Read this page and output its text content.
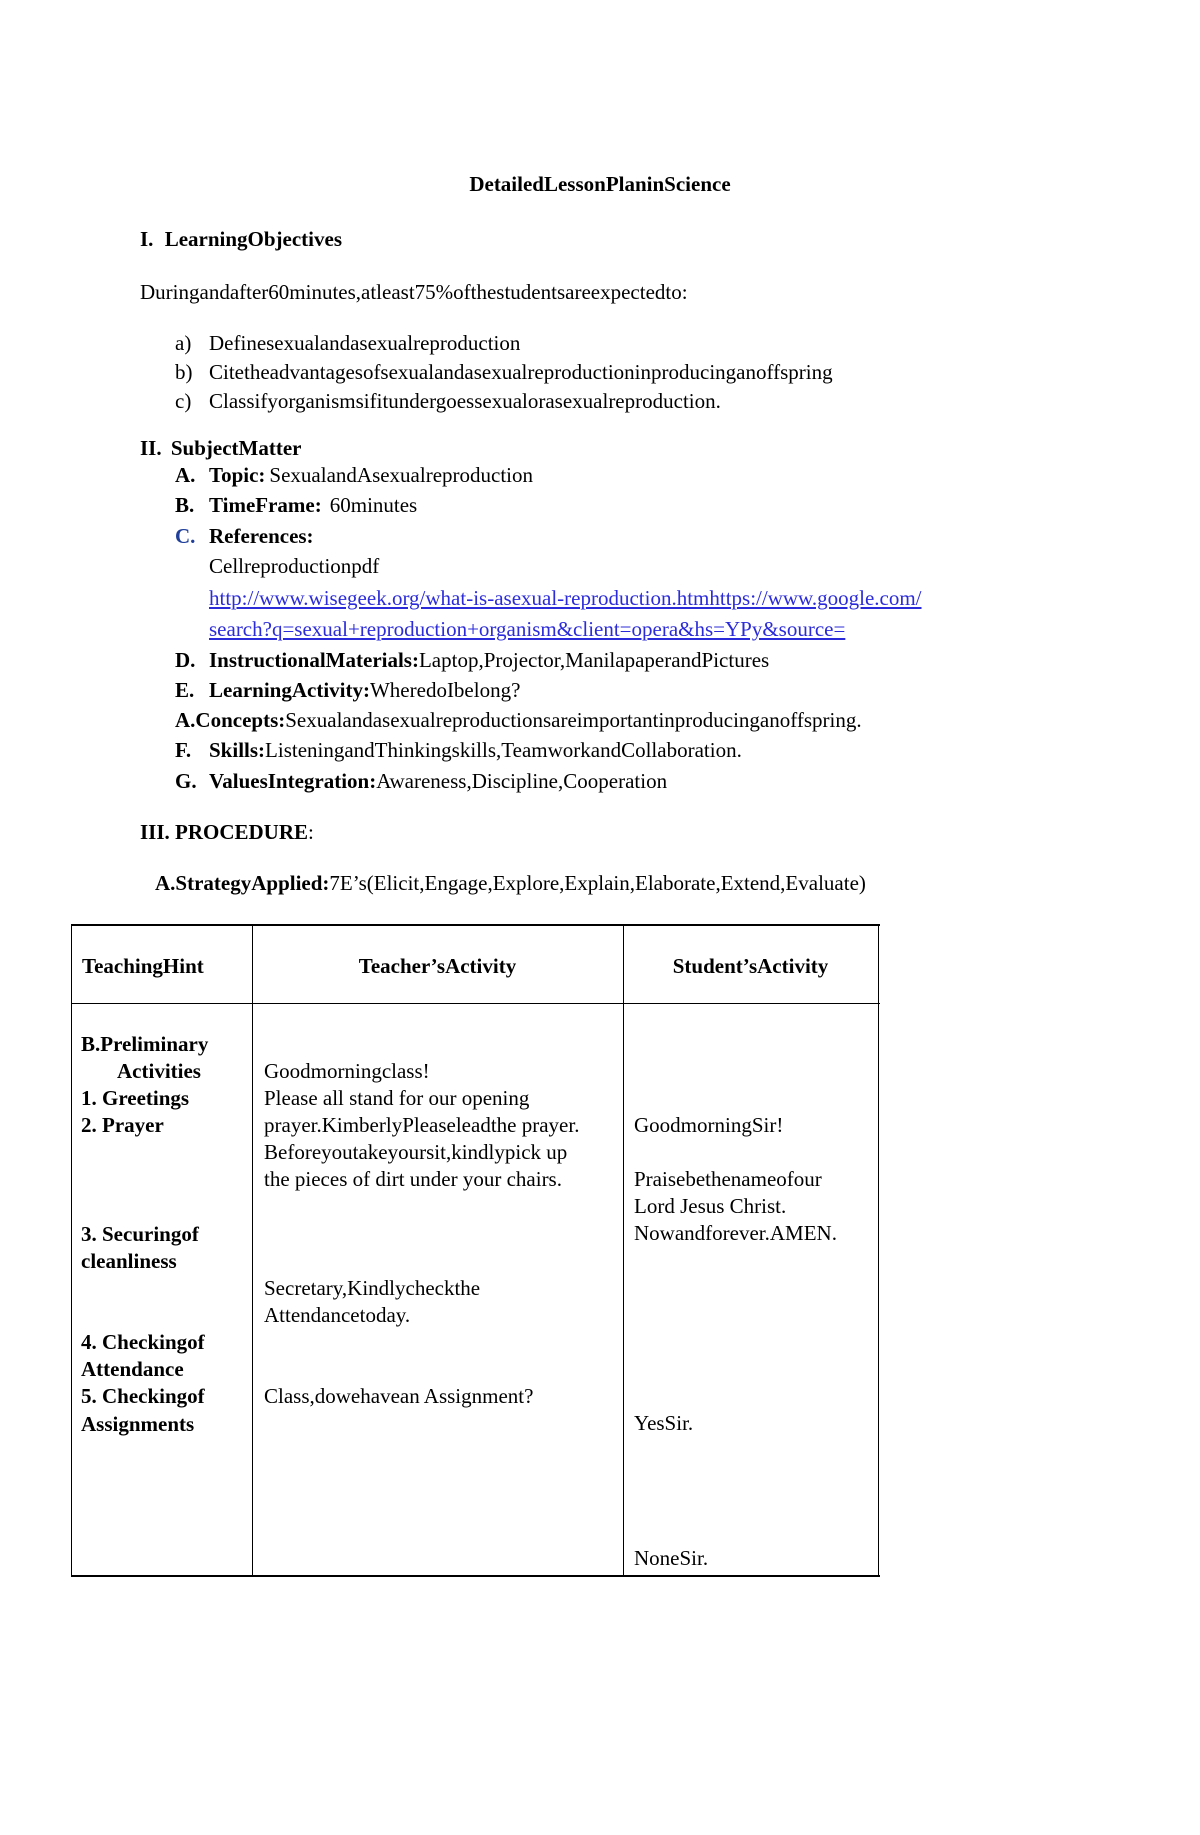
DetailedLessonPlaninScience
I. LearningObjectives
Duringandafter60minutes,atleast75%ofthestudentsareexpectedto:
a) Definesexualandasexualreproduction
b) Citetheadvantagesofsexualandasexualreproductioninproducinganoffspring
c) Classifyorganismsifitundergoessexualorasexualreproduction.
II. SubjectMatter
A. Topic: SexualandAsexualreproduction
B. TimeFrame: 60minutes
C. References:
Cellreproductionpdf
http://www.wisegeek.org/what-is-asexual-reproduction.htmhttps://www.google.com/
search?q=sexual+reproduction+organism&client=opera&hs=YPy&source=
D. InstructionalMaterials:Laptop,Projector,ManilapaperandPictures
E. LearningActivity:WheredoIbelong?
A.Concepts:Sexualandasexualreproductionsareimportantinproducinganoffspring.
F. Skills:ListeningandThinkingskills,TeamworkandCollaboration.
G. ValuesIntegration:Awareness,Discipline,Cooperation
III. PROCEDURE:
A.StrategyApplied:7E’s(Elicit,Engage,Explore,Explain,Elaborate,Extend,Evaluate)
TeachingHint	Teacher’sActivity	Student’sActivity
B.Preliminary
Activities
1. Greetings
2. Prayer
3. Securingof
cleanliness
4. Checkingof
Attendance
5. Checkingof
Assignments
Goodmorningclass!
Please all stand for our opening
prayer.KimberlyPleaseleadthe prayer.
Beforeyoutakeyoursit,kindlypick up
the pieces of dirt under your chairs.
Secretary,Kindlycheckthe
Attendancetoday.
Class,dowehavean Assignment?
GoodmorningSir!
Praisebethenameofour
Lord Jesus Christ.
Nowandforever.AMEN.
YesSir.
NoneSir.
